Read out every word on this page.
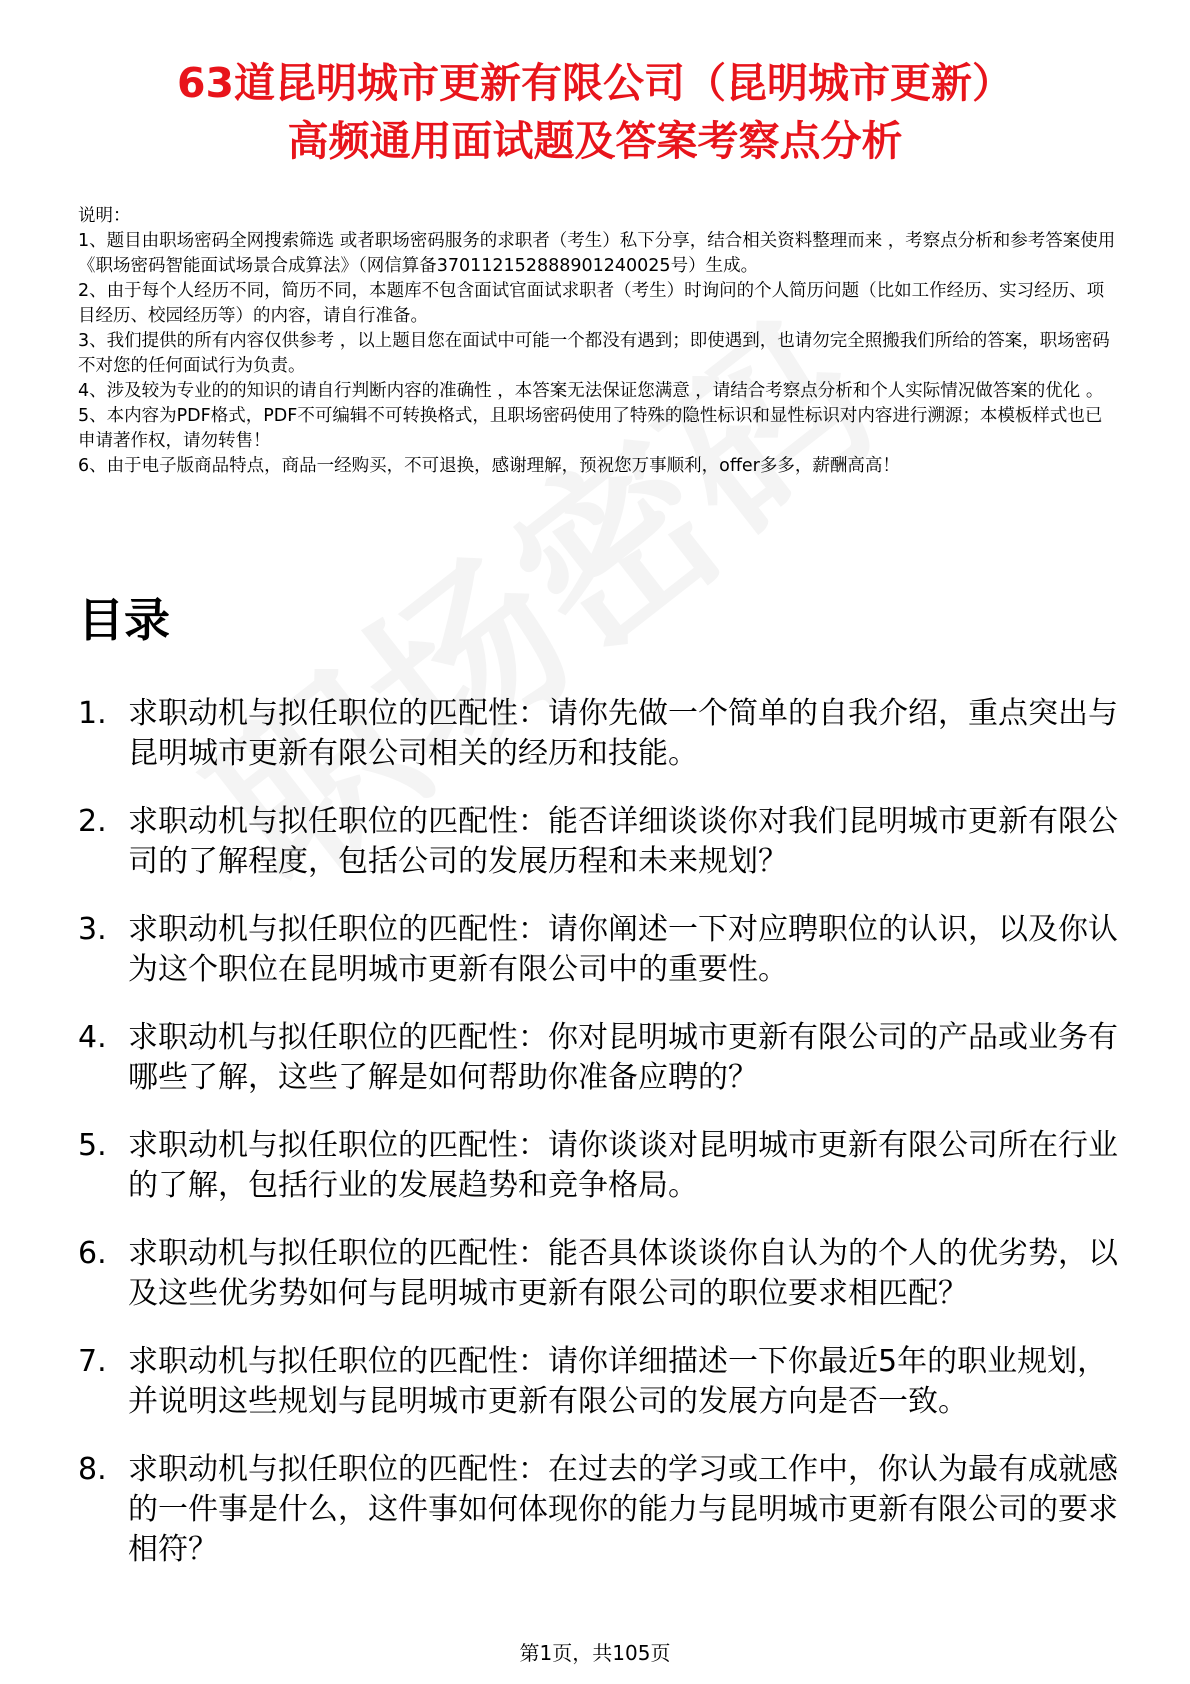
63道昆明城市更新有限公司（昆明城市更新）
高频通用面试题及答案考察点分析

说明：

1、题目由职场密码全网搜索筛选 或者职场密码服务的求职者（考生）私下分享，结合相关资料整理而来 ，考察点分析和参考答案使用《职场密码智能面试场景合成算法》（网信算备370112152888901240025号）生成。

2、由于每个人经历不同，简历不同，本题库不包含面试官面试求职者（考生）时询问的个人简历问题（比如工作经历、实习经历、项目经历、校园经历等）的内容，请自行准备。

3、我们提供的所有内容仅供参考 ，以上题目您在面试中可能一个都没有遇到；即使遇到，也请勿完全照搬我们所给的答案，职场密码不对您的任何面试行为负责。

4、涉及较为专业的的知识的请自行判断内容的准确性 ，本答案无法保证您满意 ，请结合考察点分析和个人实际情况做答案的优化 。

5、本内容为PDF格式，PDF不可编辑不可转换格式，且职场密码使用了特殊的隐性标识和显性标识对内容进行溯源；本模板样式也已申请著作权，请勿转售！

6、由于电子版商品特点，商品一经购买，不可退换，感谢理解，预祝您万事顺利，offer多多，薪酬高高！

目录
1. 求职动机与拟任职位的匹配性：请你先做一个简单的自我介绍，重点突出与昆明城市更新有限公司相关的经历和技能。
2. 求职动机与拟任职位的匹配性：能否详细谈谈你对我们昆明城市更新有限公司的了解程度，包括公司的发展历程和未来规划？
3. 求职动机与拟任职位的匹配性：请你阐述一下对应聘职位的认识，以及你认为这个职位在昆明城市更新有限公司中的重要性。
4. 求职动机与拟任职位的匹配性：你对昆明城市更新有限公司的产品或业务有哪些了解，这些了解是如何帮助你准备应聘的？
5. 求职动机与拟任职位的匹配性：请你谈谈对昆明城市更新有限公司所在行业的了解，包括行业的发展趋势和竞争格局。
6. 求职动机与拟任职位的匹配性：能否具体谈谈你自认为的个人的优劣势，以及这些优劣势如何与昆明城市更新有限公司的职位要求相匹配？
7. 求职动机与拟任职位的匹配性：请你详细描述一下你最近5年的职业规划，并说明这些规划与昆明城市更新有限公司的发展方向是否一致。
8. 求职动机与拟任职位的匹配性：在过去的学习或工作中，你认为最有成就感的一件事是什么，这件事如何体现你的能力与昆明城市更新有限公司的要求相符？
第1页，共105页
